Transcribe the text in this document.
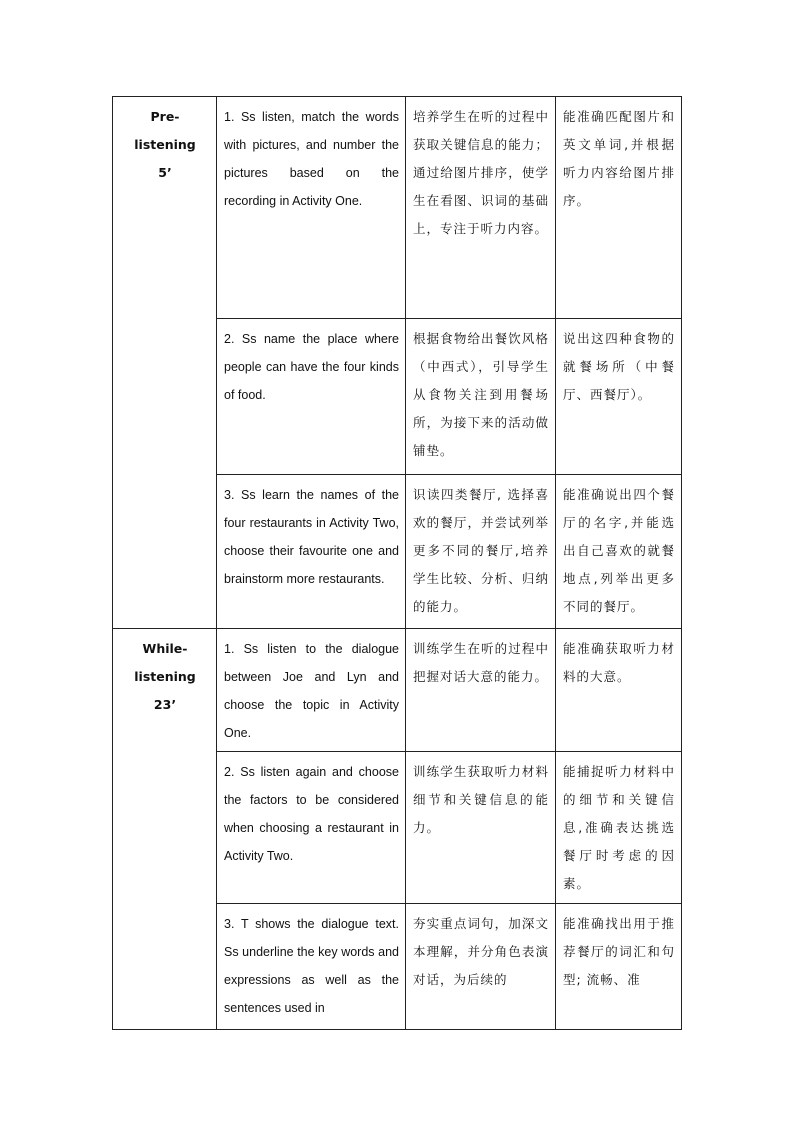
Pre-listening
5’	1. Ss listen, match the words with pictures, and number the pictures based on the recording in Activity One.	培养学生在听的过程中获取关键信息的能力；通过给图片排序，使学生在看图、识词的基础上，专注于听力内容。	能准确匹配图片和英文单词,并根据听力内容给图片排序。
	2. Ss name the place where people can have the four kinds of food.	根据食物给出餐饮风格（中西式），引导学生从食物关注到用餐场所，为接下来的活动做铺垫。	说出这四种食物的就餐场所（中餐厅、西餐厅）。
	3. Ss learn the names of the four restaurants in Activity Two, choose their favourite one and brainstorm more restaurants.	识读四类餐厅, 选择喜欢的餐厅，并尝试列举更多不同的餐厅,培养学生比较、分析、归纳的能力。	能准确说出四个餐厅的名字,并能选出自己喜欢的就餐地点,列举出更多不同的餐厅。

While-
listening
23’	1. Ss listen to the dialogue between Joe and Lyn and choose the topic in Activity One.	训练学生在听的过程中把握对话大意的能力。	能准确获取听力材料的大意。
	2. Ss listen again and choose the factors to be considered when choosing a restaurant in Activity Two.	训练学生获取听力材料细节和关键信息的能力。	能捕捉听力材料中的细节和关键信息,准确表达挑选餐厅时考虑的因素。
	3. T shows the dialogue text. Ss underline the key words and expressions as well as the sentences used in	夯实重点词句，加深文本理解，并分角色表演对话，为后续的	能准确找出用于推荐餐厅的词汇和句型; 流畅、准
